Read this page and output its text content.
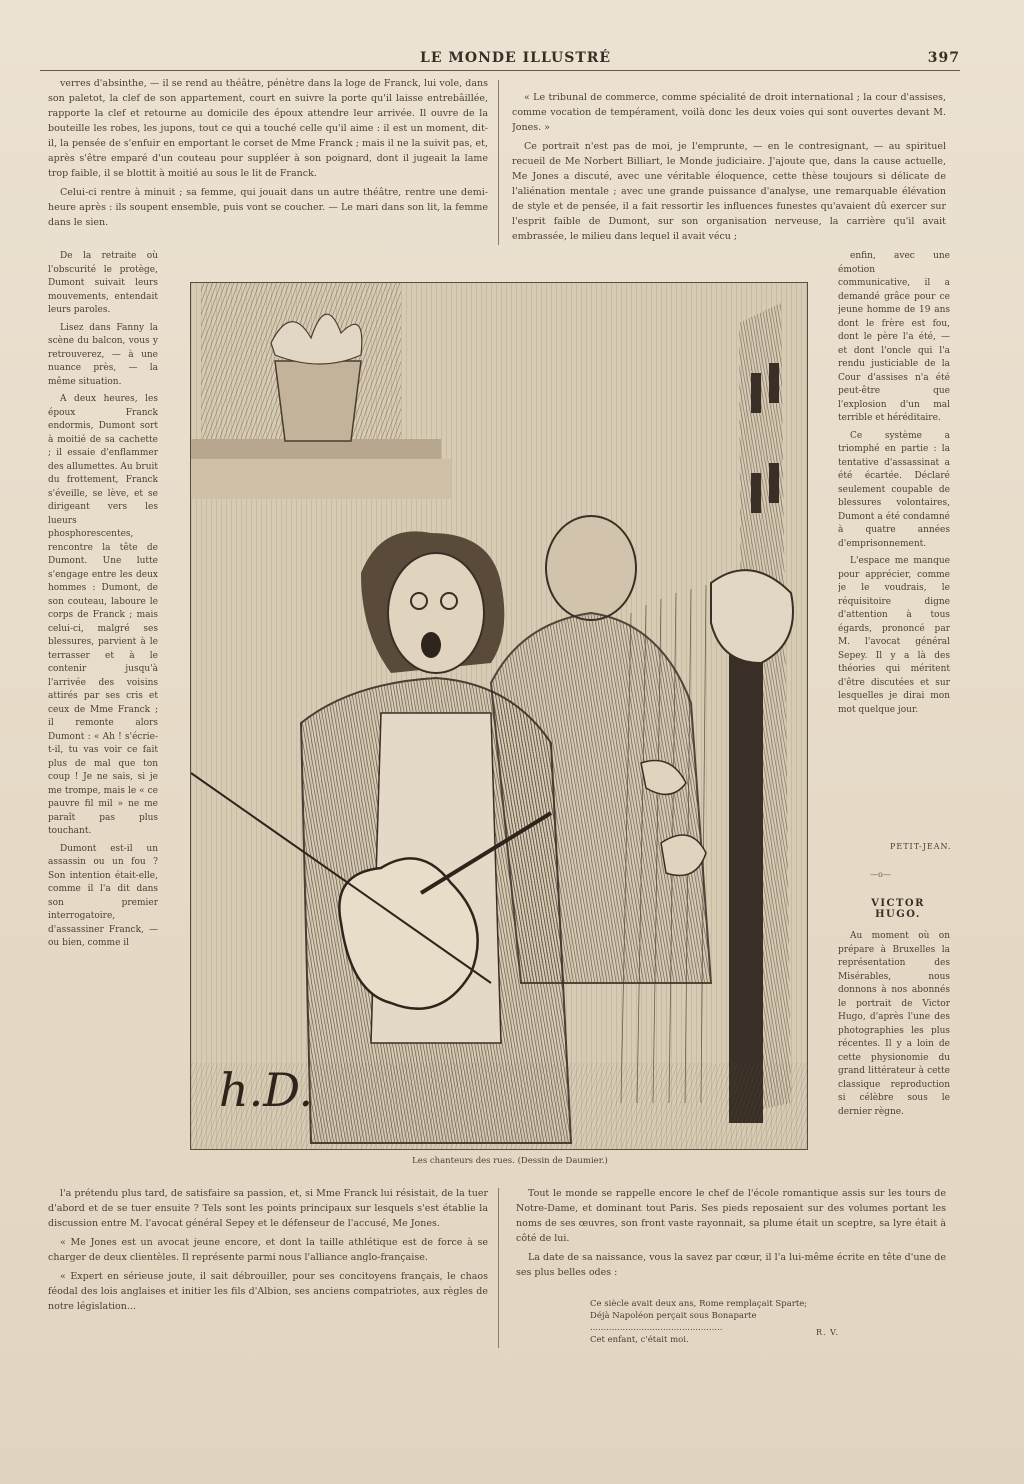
LE MONDE ILLUSTRÉ	397

verres d'absinthe, — il se rend au théâtre, pénètre dans la loge de Franck, lui vole, dans son paletot, la clef de son appartement, court en suivre la porte qu'il laisse entrebâillée, rapporte la clef et retourne au domicile des époux attendre leur arrivée. Il ouvre de la bouteille les robes, les jupons, tout ce qui a touché celle qu'il aime : il est un moment, dit-il, la pensée de s'enfuir en emportant le corset de Mme Franck ; mais il ne la suivit pas, et, après s'être emparé d'un couteau pour suppléer à son poignard, dont il jugeait la lame trop faible, il se blottit à moitié au sous le lit de Franck.

Celui-ci rentre à minuit ; sa femme, qui jouait dans un autre théâtre, rentre une demi-heure après : ils soupent ensemble, puis vont se coucher. — Le mari dans son lit, la femme dans le sien.

« Le tribunal de commerce, comme spécialité de droit international ; la cour d'assises, comme vocation de tempérament, voilà donc les deux voies qui sont ouvertes devant M. Jones. »

Ce portrait n'est pas de moi, je l'emprunte, — en le contresignant, — au spirituel recueil de Me Norbert Billiart, le Monde judiciaire. J'ajoute que, dans la cause actuelle, Me Jones a discuté, avec une véritable éloquence, cette thèse toujours si délicate de l'aliénation mentale ; avec une grande puissance d'analyse, une remarquable élévation de style et de pensée, il a fait ressortir les influences funestes qu'avaient dû exercer sur l'esprit faible de Dumont, sur son organisation nerveuse, la carrière qu'il avait embrassée, le milieu dans lequel il avait vécu ;

De la retraite où l'obscurité le protège, Dumont suivait leurs mouvements, entendait leurs paroles.

Lisez dans Fanny la scène du balcon, vous y retrouverez, — à une nuance près, — la même situation.

A deux heures, les époux Franck endormis, Dumont sort à moitié de sa cachette ; il essaie d'enflammer des allumettes. Au bruit du frottement, Franck s'éveille, se lève, et se dirigeant vers les lueurs phosphorescentes, rencontre la tête de Dumont. Une lutte s'engage entre les deux hommes : Dumont, de son couteau, laboure le corps de Franck ; mais celui-ci, malgré ses blessures, parvient à le terrasser et à le contenir jusqu'à l'arrivée des voisins attirés par ses cris et ceux de Mme Franck ; il remonte alors Dumont : « Ah ! s'écrie-t-il, tu vas voir ce fait plus de mal que ton coup ! Je ne sais, si je me trompe, mais le « ce pauvre fil mil » ne me paraît pas plus touchant.

Dumont est-il un assassin ou un fou ? Son intention était-elle, comme il l'a dit dans son premier interrogatoire, d'assassiner Franck, — ou bien, comme il

enfin, avec une émotion communicative, il a demandé grâce pour ce jeune homme de 19 ans dont le frère est fou, dont le père l'a été, — et dont l'oncle qui l'a rendu justiciable de la Cour d'assises n'a été peut-être que l'explosion d'un mal terrible et héréditaire.

Ce système a triomphé en partie : la tentative d'assassinat a été écartée. Déclaré seulement coupable de blessures volontaires, Dumont a été condamné à quatre années d'emprisonnement.

L'espace me manque pour apprécier, comme je le voudrais, le réquisitoire digne d'attention à tous égards, prononcé par M. l'avocat général Sepey. Il y a là des théories qui méritent d'être discutées et sur lesquelles je dirai mon mot quelque jour.

PETIT-JEAN.
—o—
VICTOR HUGO.

Au moment où on prépare à Bruxelles la représentation des Misérables, nous donnons à nos abonnés le portrait de Victor Hugo, d'après l'une des photographies les plus récentes. Il y a loin de cette physionomie du grand littérateur à cette classique reproduction si célèbre sous le dernier règne.

h.D.
Les chanteurs des rues. (Dessin de Daumier.)

l'a prétendu plus tard, de satisfaire sa passion, et, si Mme Franck lui résistait, de la tuer d'abord et de se tuer ensuite ? Tels sont les points principaux sur lesquels s'est établie la discussion entre M. l'avocat général Sepey et le défenseur de l'accusé, Me Jones.

« Me Jones est un avocat jeune encore, et dont la taille athlétique est de force à se charger de deux clientèles. Il représente parmi nous l'alliance anglo-française.

« Expert en sérieuse joute, il sait débrouiller, pour ses concitoyens français, le chaos féodal des lois anglaises et initier les fils d'Albion, ses anciens compatriotes, aux règles de notre législation...

Tout le monde se rappelle encore le chef de l'école romantique assis sur les tours de Notre-Dame, et dominant tout Paris. Ses pieds reposaient sur des volumes portant les noms de ses œuvres, son front vaste rayonnait, sa plume était un sceptre, sa lyre était à côté de lui.

La date de sa naissance, vous la savez par cœur, il l'a lui-même écrite en tête d'une de ses plus belles odes :

Ce siècle avait deux ans, Rome remplaçait Sparte;
Déjà Napoléon perçait sous Bonaparte
.................................................
Cet enfant, c'était moi.
R. V.
